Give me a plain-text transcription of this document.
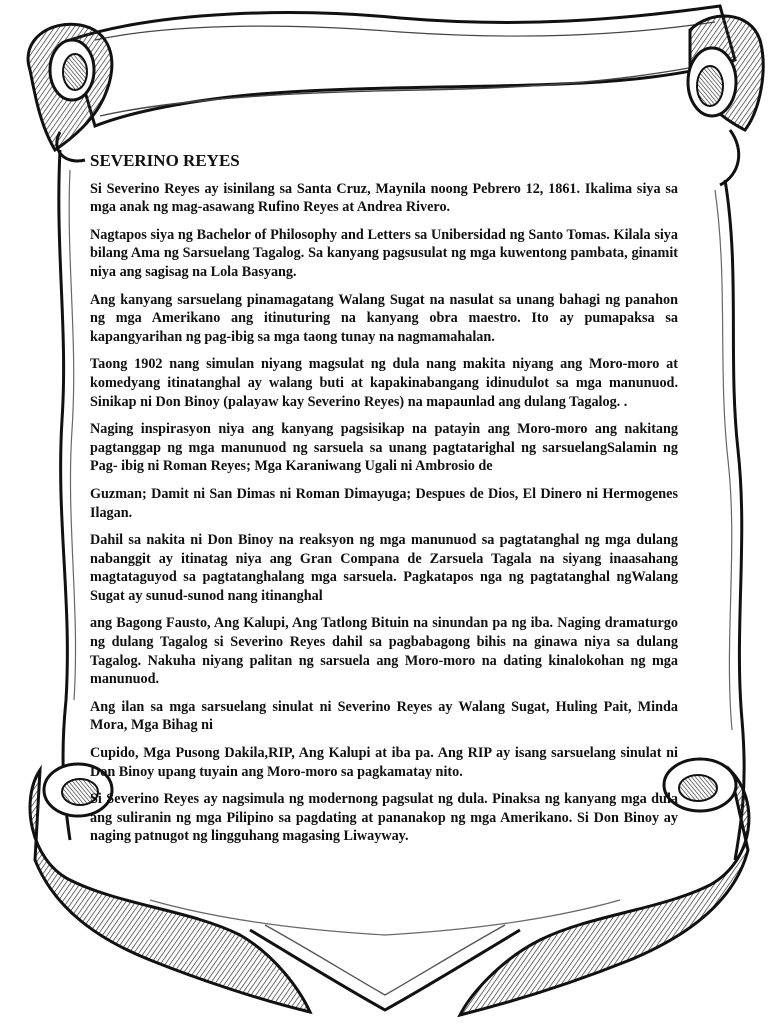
SEVERINO REYES

Si Severino Reyes ay isinilang sa Santa Cruz, Maynila noong Pebrero 12, 1861. Ikalima siya sa mga anak ng mag-asawang Rufino Reyes at Andrea Rivero.

Nagtapos siya ng Bachelor of Philosophy and Letters sa Unibersidad ng Santo Tomas. Kilala siya bilang Ama ng Sarsuelang Tagalog. Sa kanyang pagsusulat ng mga kuwentong pambata, ginamit niya ang sagisag na Lola Basyang.

Ang kanyang sarsuelang pinamagatang Walang Sugat na nasulat sa unang bahagi ng panahon ng mga Amerikano ang itinuturing na kanyang obra maestro. Ito ay pumapaksa sa kapangyarihan ng pag-ibig sa mga taong tunay na nagmamahalan.

Taong 1902 nang simulan niyang magsulat ng dula nang makita niyang ang Moro-moro at komedyang itinatanghal ay walang buti at kapakinabangang idinudulot sa mga manunuod. Sinikap ni Don Binoy (palayaw kay Severino Reyes) na mapaunlad ang dulang Tagalog. .

Naging inspirasyon niya ang kanyang pagsisikap na patayin ang Moro-moro ang nakitang pagtanggap ng mga manunuod ng sarsuela sa unang pagtatarighal ng sarsuelangSalamin ng Pag- ibig ni Roman Reyes; Mga Karaniwang Ugali ni Ambrosio de

Guzman; Damit ni San Dimas ni Roman Dimayuga; Despues de Dios, El Dinero ni Hermogenes Ilagan.

Dahil sa nakita ni Don Binoy na reaksyon ng mga manunuod sa pagtatanghal ng mga dulang nabanggit ay itinatag niya ang Gran Compana de Zarsuela Tagala na siyang inaasahang magtataguyod sa pagtatanghalang mga sarsuela. Pagkatapos nga ng pagtatanghal ngWalang Sugat ay sunud-sunod nang itinanghal

ang Bagong Fausto, Ang Kalupi, Ang Tatlong Bituin na sinundan pa ng iba. Naging dramaturgo ng dulang Tagalog si Severino Reyes dahil sa pagbabagong bihis na ginawa niya sa dulang Tagalog. Nakuha niyang palitan ng sarsuela ang Moro-moro na dating kinalokohan ng mga manunuod.

Ang ilan sa mga sarsuelang sinulat ni Severino Reyes ay Walang Sugat, Huling Pait, Minda Mora, Mga Bihag ni

Cupido, Mga Pusong Dakila,RIP, Ang Kalupi at iba pa. Ang RIP ay isang sarsuelang sinulat ni Don Binoy upang tuyain ang Moro-moro sa pagkamatay nito.

Si Severino Reyes ay nagsimula ng modernong pagsulat ng dula. Pinaksa ng kanyang mga dula ang suliranin ng mga Pilipino sa pagdating at pananakop ng mga Amerikano. Si Don Binoy ay naging patnugot ng lingguhang magasing Liwayway.
